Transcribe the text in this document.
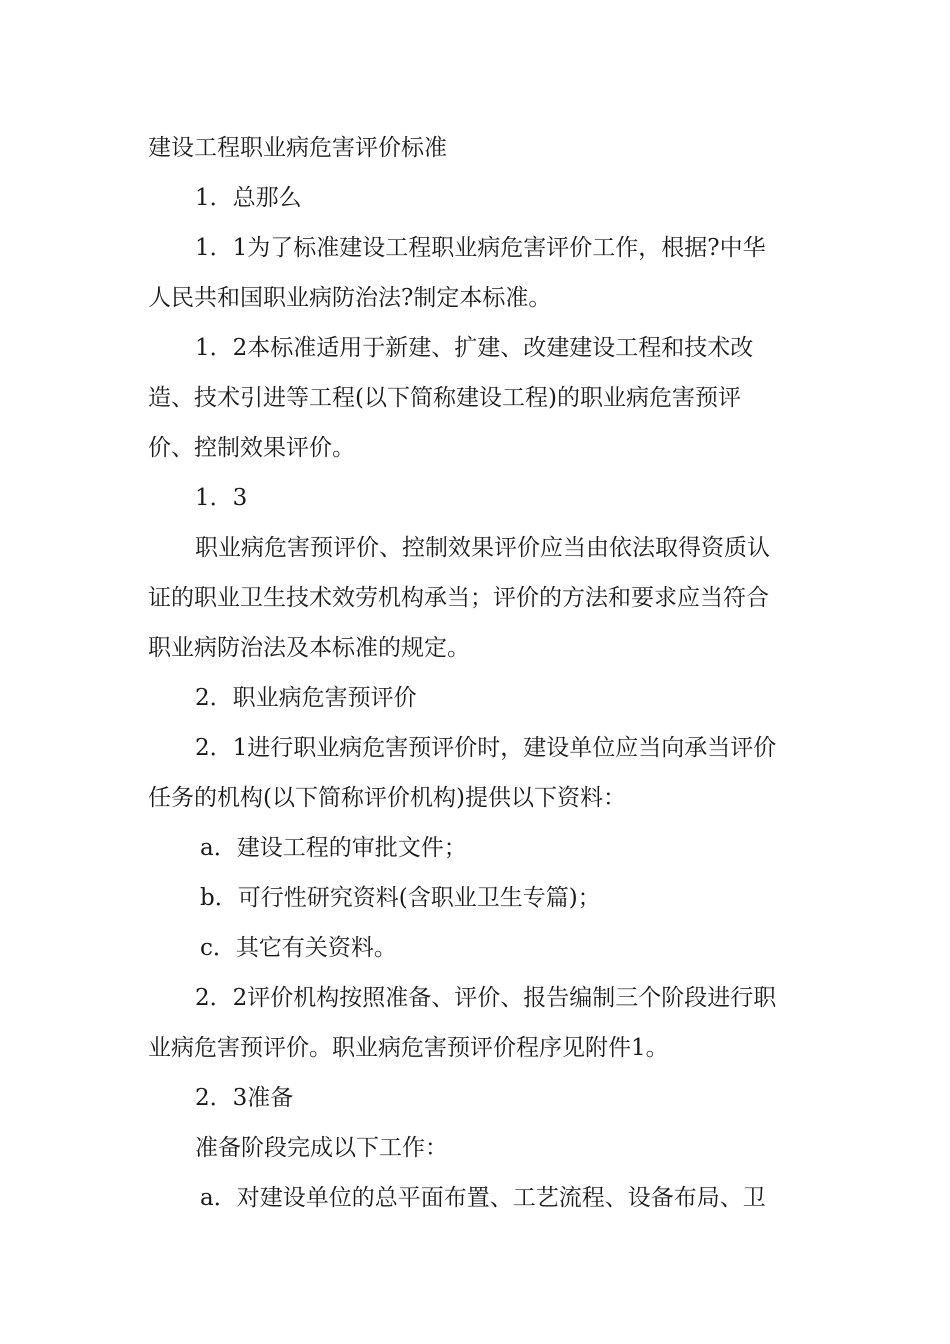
建设工程职业病危害评价标准

1．总那么

1．1为了标准建设工程职业病危害评价工作，根据?中华

人民共和国职业病防治法?制定本标准。

1．2本标准适用于新建、扩建、改建建设工程和技术改

造、技术引进等工程(以下简称建设工程)的职业病危害预评

价、控制效果评价。

1．3

职业病危害预评价、控制效果评价应当由依法取得资质认

证的职业卫生技术效劳机构承当；评价的方法和要求应当符合

职业病防治法及本标准的规定。

2．职业病危害预评价

2．1进行职业病危害预评价时，建设单位应当向承当评价

任务的机构(以下简称评价机构)提供以下资料：

a．建设工程的审批文件；

b．可行性研究资料(含职业卫生专篇)；

c．其它有关资料。

2．2评价机构按照准备、评价、报告编制三个阶段进行职

业病危害预评价。职业病危害预评价程序见附件1。

2．3准备

准备阶段完成以下工作：

a．对建设单位的总平面布置、工艺流程、设备布局、卫
